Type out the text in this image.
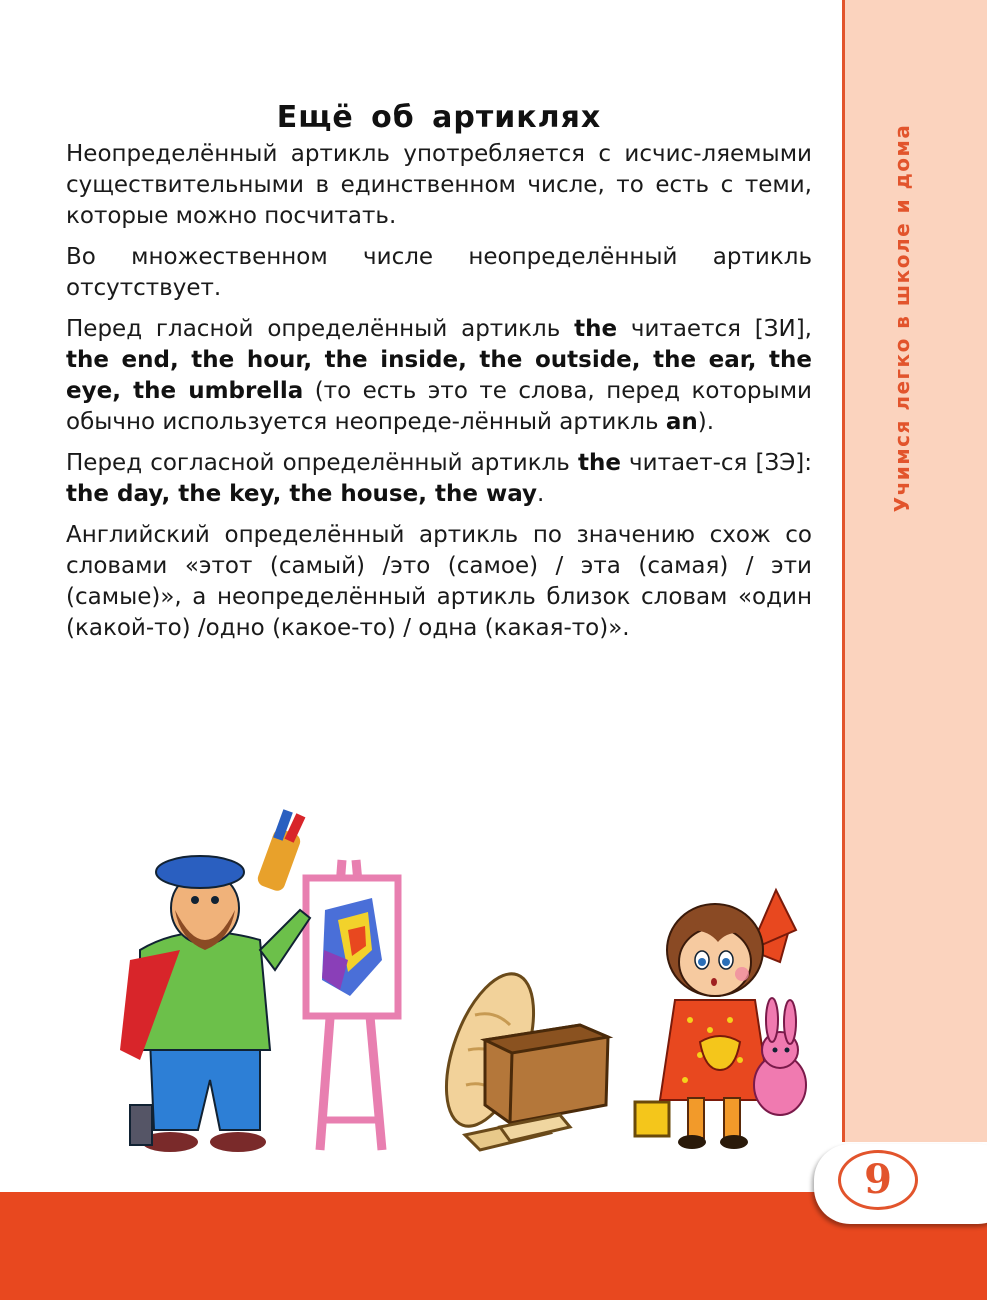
Учимся легко в школе и дома
Ещё об артиклях

Неопределённый артикль употребляется с исчис-ляемыми существительными в единственном числе, то есть с теми, которые можно посчитать.

Во множественном числе неопределённый артикль отсутствует.

Перед гласной определённый артикль the читается [ЗИ], the end, the hour, the inside, the outside, the ear, the eye, the umbrella (то есть это те слова, перед которыми обычно используется неопреде-лённый артикль an).

Перед согласной определённый артикль the читает-ся [ЗЭ]: the day, the key, the house, the way.

Английский определённый артикль по значению схож со словами «этот (самый) /это (самое) / эта (самая) / эти (самые)», а неопределённый артикль близок словам «один (какой-то) /одно (какое-то) / одна (какая-то)».

9
